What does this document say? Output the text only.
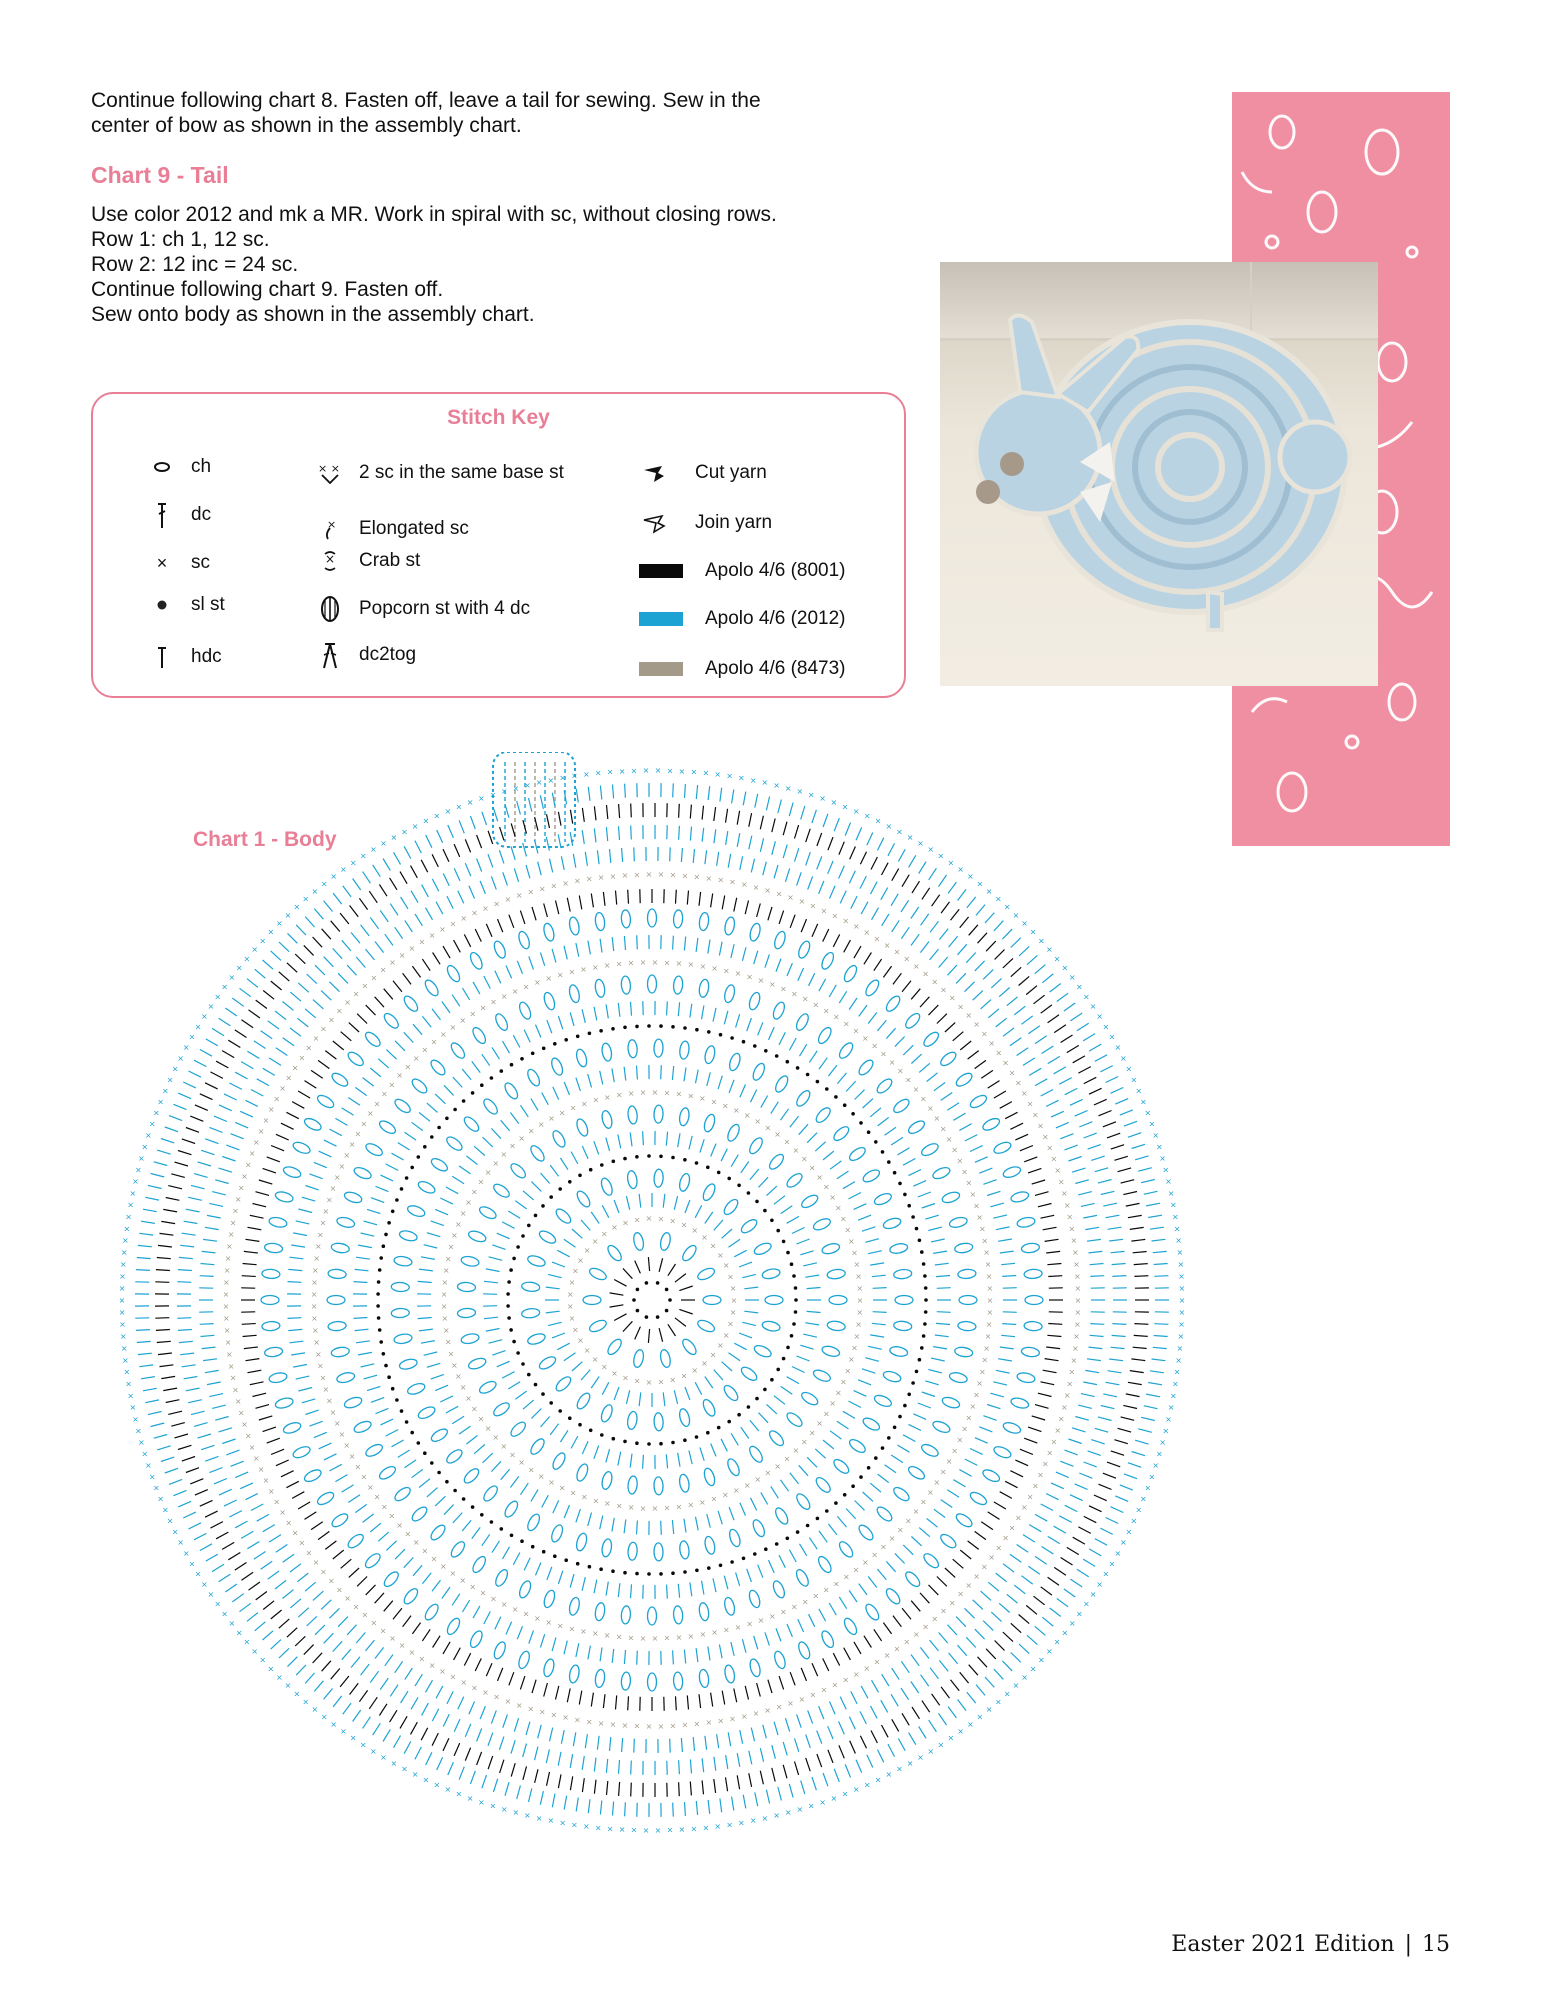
Continue following chart 8. Fasten off, leave a tail for sewing. Sew in the

center of bow as shown in the assembly chart.

Chart 9 - Tail
Use color 2012 and mk a MR. Work in spiral with sc, without closing rows.
Row 1: ch 1, 12 sc.
Row 2: 12 inc = 24 sc.
Continue following chart 9. Fasten off.
Sew onto body as shown in the assembly chart.
Stitch Key
ch
dc
×	sc
sl st
hdc
× × 2 sc in the same base st
× Elongated sc
× Crab st
Popcorn st with 4 dc
dc2tog
Cut yarn
Join yarn
Apolo 4/6 (8001)
Apolo 4/6 (2012)
Apolo 4/6 (8473)
Chart 1 - Body
×
×
×
×
×
×
×
×
×
×
×
×
×
×
×
×
×
×
×
×
×
×
×
×
×
×
×
×
×
×
× × × × × ×
×
×
×
×
×
×
×
×
×
×
×
×
×
×
×
×
×
×
×
×
×
×
×
×
×
×
×
×
×
×
×
×
×
×
×
×
×
×
×
×
×
×
×
×
×
×
×
×
×
×
×
×
×
×
×
×
×
×
×
×
×
×
×
×
×
×
×
×
×
×
×
×
×
×
×
×
×
×
×
×
×
×
× × × × × × × × × × × × × × ×
×
×
×
×
×
×
×
×
×
×
×
×
×
×
×
×
×
×
×
×
×
×
×
×
×
×
×
×
×
×
×
×
×
×
×
×
×
×
×
×
×
×
×
×
×
×
×
×
×
×
×
×
×
×
×
×
×
×
×
×
×
×
×
×
×
×
×
×
×
×
×
×
×
×
×
×
×
×
×
×
×
×
×
×
×
×
×
×
×
×
×
×
×
×
×
×
×
×
×
×
×
×
×
×
×
×
×
×
×
×
×
×
×
×
×
×
×
×
×
×
×
×
×
×
×
×
×
×
×
×
×
×
×
×
×
×
×
×
×
×
×
× × × × × × × × × × × × × × × × × × × × × × ×
×
×
×
×
×
×
×
×
×
×
×
×
×
×
×
×
×
×
×
×
×
×
×
×
×
×
×
×
×
×
×
×
×
×
×
×
×
×
×
×
×
×
×
×
×
×
×
×
×
×
×
×
×
×
×
×
×
×
×
×
×
×
×
×
×
×
×
×
×
×
×
×
×
×
×
×
×
×
×
×
×
×
×
×
×
×
×
×
×
×
×
×
×
×
×
×
×
×
×
×
×
×
×
×
×
×
×
×
×
×
×
×
×
×
×
×
×
×
×
×
×
×
×
×
×
×
×
×
×
×
×
×
×
×
×
×
×
×
×
×
×
×
×
×
×
×
×
×
×
×
×
×
×
×
×
×
×
×
×
×
×
×
×
×
×
×
×
×
×
×
×
×
×
×
×
×
×
×
×
×
×
×
×
×
×
×
× × × × × × × × × × × × × × × × × × × × × × × × × × × ×
×
×
×
×
×
×
×
×
×
×
×
×
×
×
×
×
×
×
×
×
×
×
×
×
×
×
×
×
×
×
×
×
×
×
×
×
×
×
×
×
×
×
×
×
×
×
×
×
×
×
×
×
×
×
×
×
×
×
×
×
×
×
×
×
×
×
×
×
×
×
×
×
×
×
×
×
×
×
×
×
×
×
×
×
×
×
×
×
×
×
×
×
×
×
×
×
×
×
×
×
×
×
×
×
×
×
×
×
×
×
×
×
×
×
×
×
×
×
×
×
×
×
×
×
×
×
×
×
×
×
×
×
×
×
×
×
×
×
×
×
×
×
×
×
×
×
×
×
×
×
×
×
×
×
×
×
×
×
×
×
×
×
×
×
×
×
×
×
×
×
×
×
×
×
×
×
×
×
×
×
×
×
×
×
×
×
×
×
×
×
×
×
×
×
×
×
×
×
×
×
×
×
×
×
×
×
×
×
×
×
×
×
×
×
×
×
×
×
×
×
×
×
×
×
×
×
×
×
×
×
×
×
× × × × × × × × × × × × × × × × × × × × × × × × × × × × × × × × × × × ×
×
×
×
×
×
×
×
×
×
×
×
×
×
×
×
×
×
×
×
×
×
×
×
×
×
×
×
×
×
×
×
×
×
×
×
×
×
×
×
×
×
×
×
×
×
×
×
×
×
×
×
Easter 2021 Edition | 15
